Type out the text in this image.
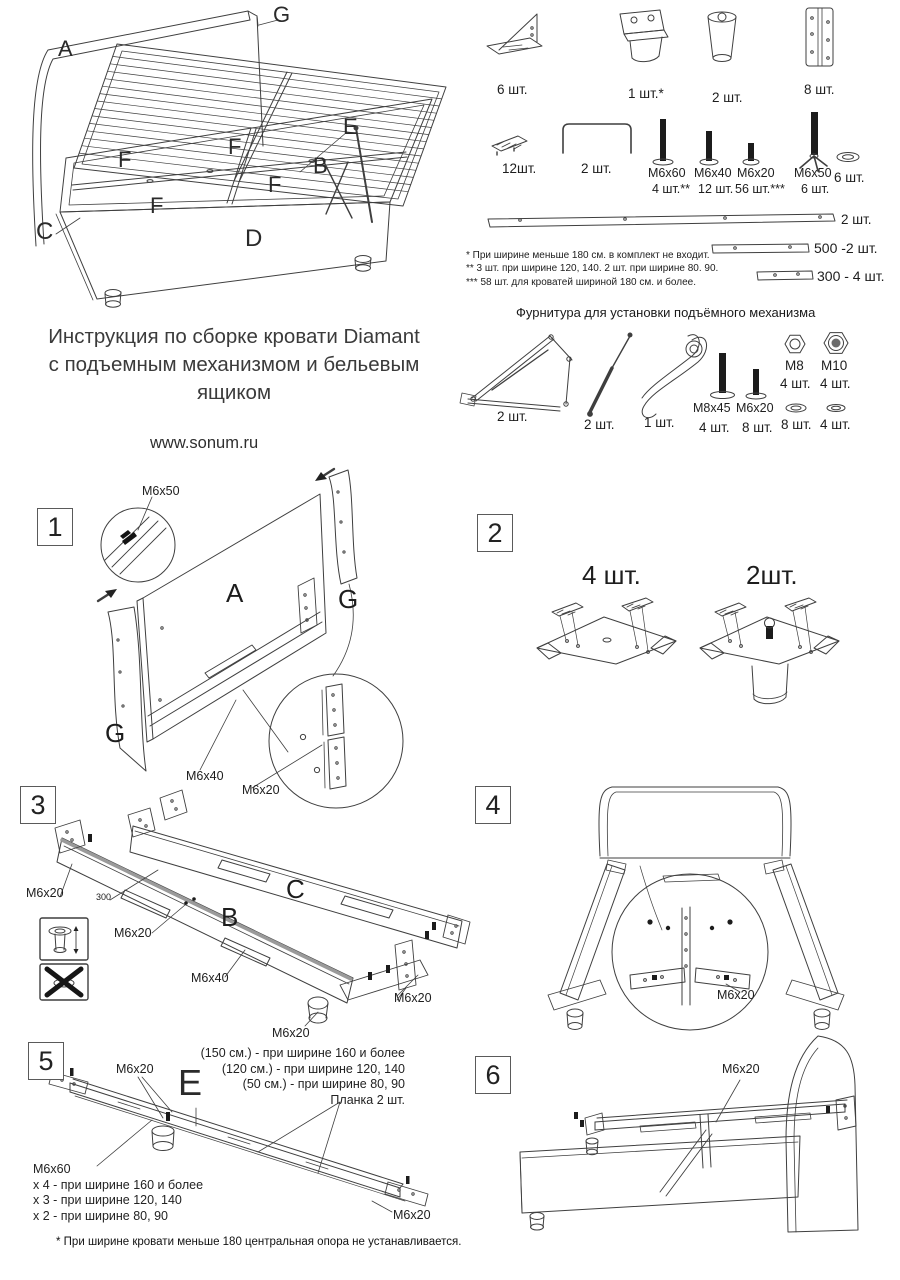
Инструкция по сборке кровати Diamant
с подъемным механизмом и бельевым ящиком
www.sonum.ru
A
G
E
B
F
F
F
F
C	D
6 шт.	1 шт.*	2 шт.
8 шт.
12шт.	2 шт.	M6x60
4 шт.**
M6x40
12 шт.
M6x20
56 шт.***
M6x50
6 шт.
6 шт.
2 шт.
500 -2 шт.
300 - 4 шт.
* При ширине меньше 180 см. в комплект не входит.
** 3 шт. при ширине 120, 140. 2 шт. при ширине 80. 90.
*** 58 шт. для кроватей шириной 180 см. и более.
Фурнитура для установки подъёмного механизма
2 шт.
2 шт. 1 шт.
M8x45
4 шт.
M6x20
8 шт.
M8
4 шт.
M10
4 шт.
8 шт. 4 шт.
1	2
3	4
5	6
M6x50
A	G
G
M6x40
M6x20
4 шт.	2шт.
M6x20	300
M6x20
B
C
M6x40
M6x20
M6x20
M6x20
M6x20 E
(150 см.) - при ширине 160 и более
(120 см.) - при ширине 120, 140
(50 см.) - при ширине 80, 90
Планка 2 шт.
M6x60
x 4 - при ширине 160 и более
x 3 - при ширине 120, 140
x 2 - при ширине 80, 90	M6x20
M6x20
* При ширине кровати меньше 180 центральная опора не устанавливается.
